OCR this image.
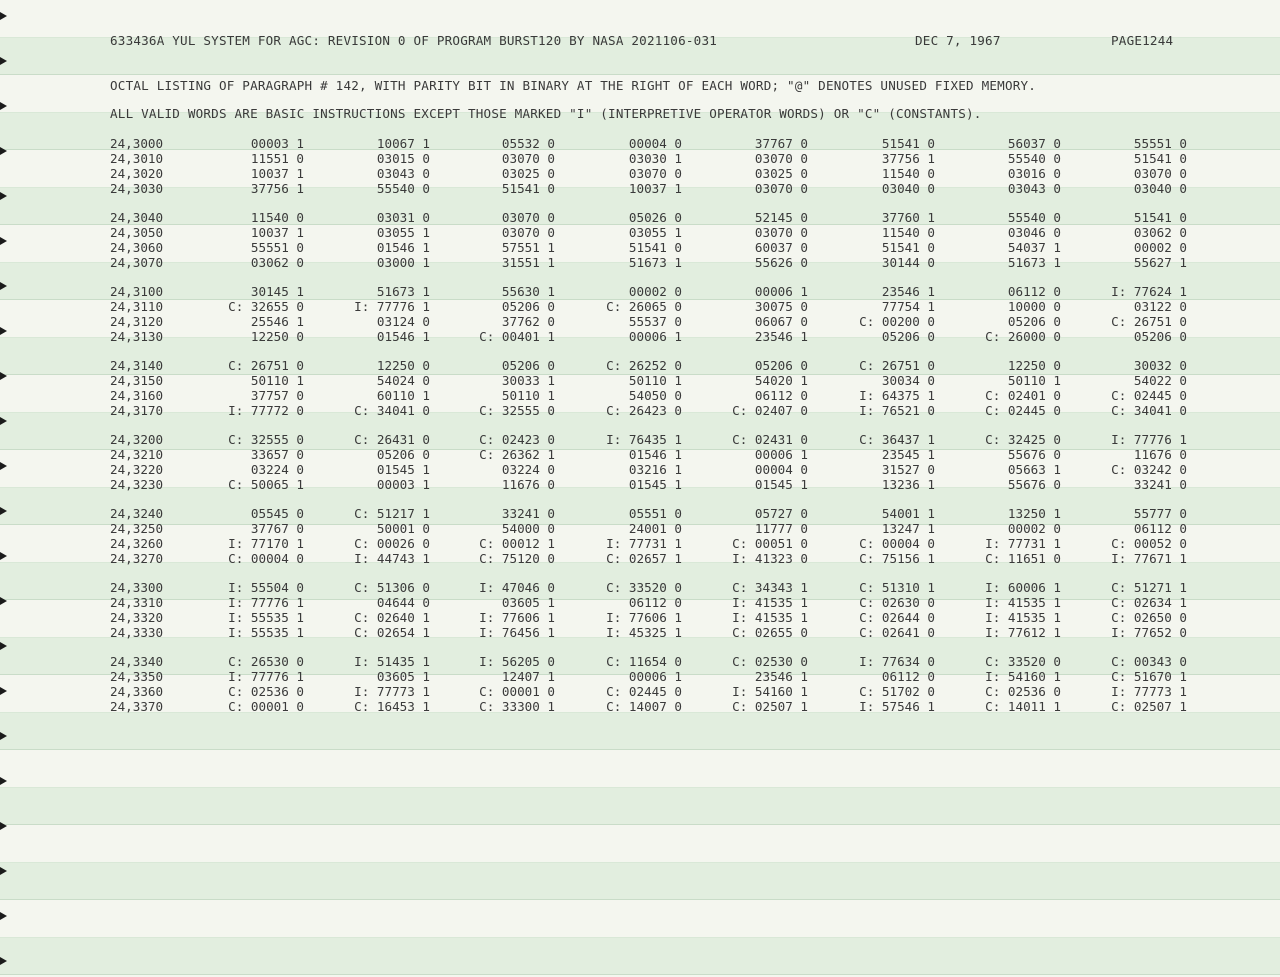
633436A YUL SYSTEM FOR AGC: REVISION 0 OF PROGRAM BURST120 BY NASA 2021106-031	DEC 7, 1967	PAGE1244
OCTAL LISTING OF PARAGRAPH # 142, WITH PARITY BIT IN BINARY AT THE RIGHT OF EACH WORD; "@" DENOTES UNUSED FIXED MEMORY.
ALL VALID WORDS ARE BASIC INSTRUCTIONS EXCEPT THOSE MARKED "I" (INTERPRETIVE OPERATOR WORDS) OR "C" (CONSTANTS).
24,3000	00003 1	10067 1	05532 0	00004 0	37767 0	51541 0	56037 0	55551 0
24,3010	11551 0	03015 0	03070 0	03030 1	03070 0	37756 1	55540 0	51541 0
24,3020	10037 1	03043 0	03025 0	03070 0	03025 0	11540 0	03016 0	03070 0
24,3030	37756 1	55540 0	51541 0	10037 1	03070 0	03040 0	03043 0	03040 0
24,3040	11540 0	03031 0	03070 0	05026 0	52145 0	37760 1	55540 0	51541 0
24,3050	10037 1	03055 1	03070 0	03055 1	03070 0	11540 0	03046 0	03062 0
24,3060	55551 0	01546 1	57551 1	51541 0	60037 0	51541 0	54037 1	00002 0
24,3070	03062 0	03000 1	31551 1	51673 1	55626 0	30144 0	51673 1	55627 1
24,3100	30145 1	51673 1	55630 1	00002 0	00006 1	23546 1	06112 0	I: 77624 1
24,3110	C: 32655 0	I: 77776 1	05206 0	C: 26065 0	30075 0	77754 1	10000 0	03122 0
24,3120	25546 1	03124 0	37762 0	55537 0	06067 0	C: 00200 0	05206 0	C: 26751 0
24,3130	12250 0	01546 1	C: 00401 1	00006 1	23546 1	05206 0	C: 26000 0	05206 0
24,3140	C: 26751 0	12250 0	05206 0	C: 26252 0	05206 0	C: 26751 0	12250 0	30032 0
24,3150	50110 1	54024 0	30033 1	50110 1	54020 1	30034 0	50110 1	54022 0
24,3160	37757 0	60110 1	50110 1	54050 0	06112 0	I: 64375 1	C: 02401 0	C: 02445 0
24,3170	I: 77772 0	C: 34041 0	C: 32555 0	C: 26423 0	C: 02407 0	I: 76521 0	C: 02445 0	C: 34041 0
24,3200	C: 32555 0	C: 26431 0	C: 02423 0	I: 76435 1	C: 02431 0	C: 36437 1	C: 32425 0	I: 77776 1
24,3210	33657 0	05206 0	C: 26362 1	01546 1	00006 1	23545 1	55676 0	11676 0
24,3220	03224 0	01545 1	03224 0	03216 1	00004 0	31527 0	05663 1	C: 03242 0
24,3230	C: 50065 1	00003 1	11676 0	01545 1	01545 1	13236 1	55676 0	33241 0
24,3240	05545 0	C: 51217 1	33241 0	05551 0	05727 0	54001 1	13250 1	55777 0
24,3250	37767 0	50001 0	54000 0	24001 0	11777 0	13247 1	00002 0	06112 0
24,3260	I: 77170 1	C: 00026 0	C: 00012 1	I: 77731 1	C: 00051 0	C: 00004 0	I: 77731 1	C: 00052 0
24,3270	C: 00004 0	I: 44743 1	C: 75120 0	C: 02657 1	I: 41323 0	C: 75156 1	C: 11651 0	I: 77671 1
24,3300	I: 55504 0	C: 51306 0	I: 47046 0	C: 33520 0	C: 34343 1	C: 51310 1	I: 60006 1	C: 51271 1
24,3310	I: 77776 1	04644 0	03605 1	06112 0	I: 41535 1	C: 02630 0	I: 41535 1	C: 02634 1
24,3320	I: 55535 1	C: 02640 1	I: 77606 1	I: 77606 1	I: 41535 1	C: 02644 0	I: 41535 1	C: 02650 0
24,3330	I: 55535 1	C: 02654 1	I: 76456 1	I: 45325 1	C: 02655 0	C: 02641 0	I: 77612 1	I: 77652 0
24,3340	C: 26530 0	I: 51435 1	I: 56205 0	C: 11654 0	C: 02530 0	I: 77634 0	C: 33520 0	C: 00343 0
24,3350	I: 77776 1	03605 1	12407 1	00006 1	23546 1	06112 0	I: 54160 1	C: 51670 1
24,3360	C: 02536 0	I: 77773 1	C: 00001 0	C: 02445 0	I: 54160 1	C: 51702 0	C: 02536 0	I: 77773 1
24,3370	C: 00001 0	C: 16453 1	C: 33300 1	C: 14007 0	C: 02507 1	I: 57546 1	C: 14011 1	C: 02507 1
